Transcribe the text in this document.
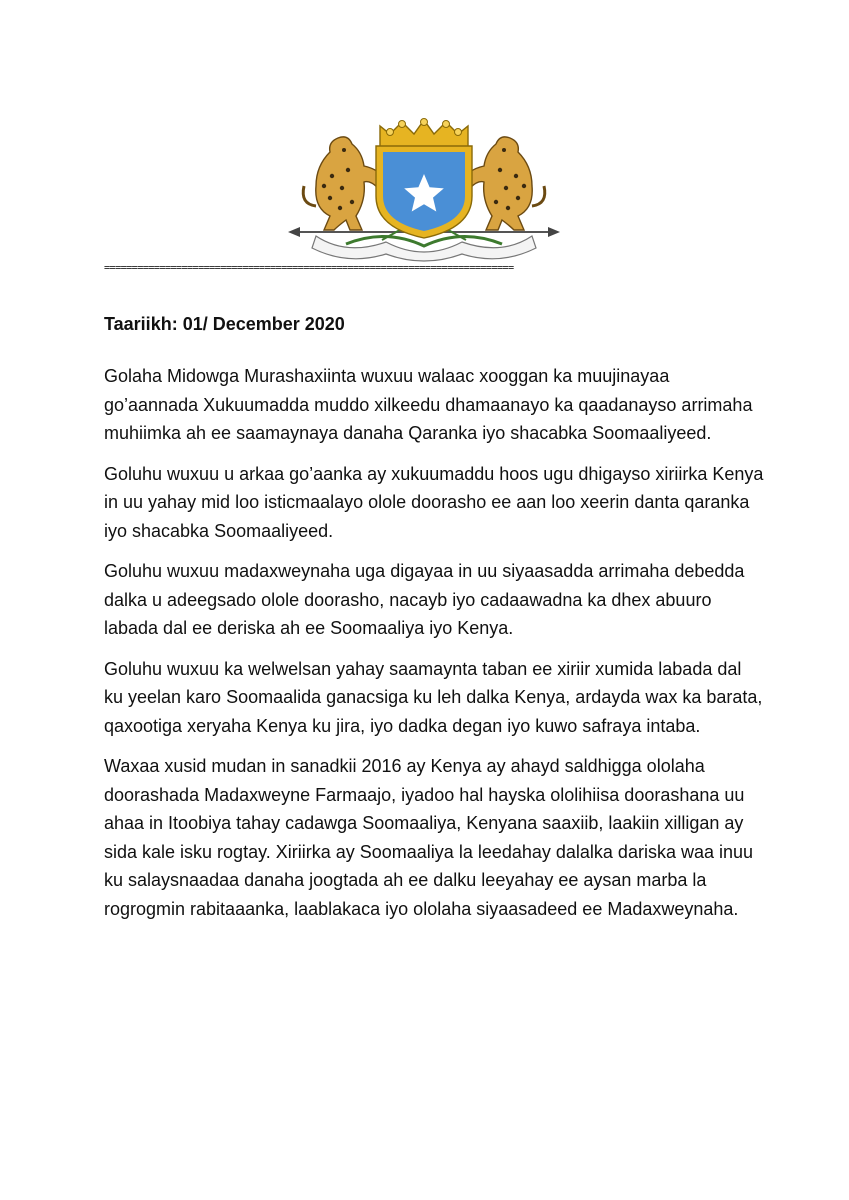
==========================================================================
Taariikh: 01/ December 2020

Golaha Midowga Murashaxiinta wuxuu walaac xooggan ka muujinayaa go’aannada Xukuumadda muddo xilkeedu dhamaanayo ka qaadanayso arrimaha muhiimka ah ee saamaynaya danaha Qaranka iyo shacabka Soomaaliyeed.

Goluhu wuxuu u arkaa go’aanka ay xukuumaddu hoos ugu dhigayso xiriirka Kenya in uu yahay mid loo isticmaalayo olole doorasho ee aan loo xeerin danta qaranka iyo shacabka Soomaaliyeed.

Goluhu wuxuu madaxweynaha uga digayaa in uu siyaasadda arrimaha debedda dalka u adeegsado olole doorasho, nacayb iyo cadaawadna ka dhex abuuro labada dal ee deriska ah ee Soomaaliya iyo Kenya.

Goluhu wuxuu ka welwelsan yahay saamaynta taban ee xiriir xumida labada dal ku yeelan karo Soomaalida ganacsiga ku leh dalka Kenya, ardayda wax ka barata, qaxootiga xeryaha Kenya ku jira, iyo dadka degan iyo kuwo safraya intaba.

Waxaa xusid mudan in sanadkii 2016 ay Kenya ay ahayd saldhigga ololaha doorashada Madaxweyne Farmaajo, iyadoo hal hayska ololihiisa doorashana uu ahaa in Itoobiya tahay cadawga Soomaaliya, Kenyana saaxiib, laakiin xilligan ay sida kale isku rogtay. Xiriirka ay Soomaaliya la leedahay dalalka dariska waa inuu ku salaysnaadaa danaha joogtada ah ee dalku leeyahay ee aysan marba la rogrogmin rabitaaanka, laablakaca iyo ololaha siyaasadeed ee Madaxweynaha.
